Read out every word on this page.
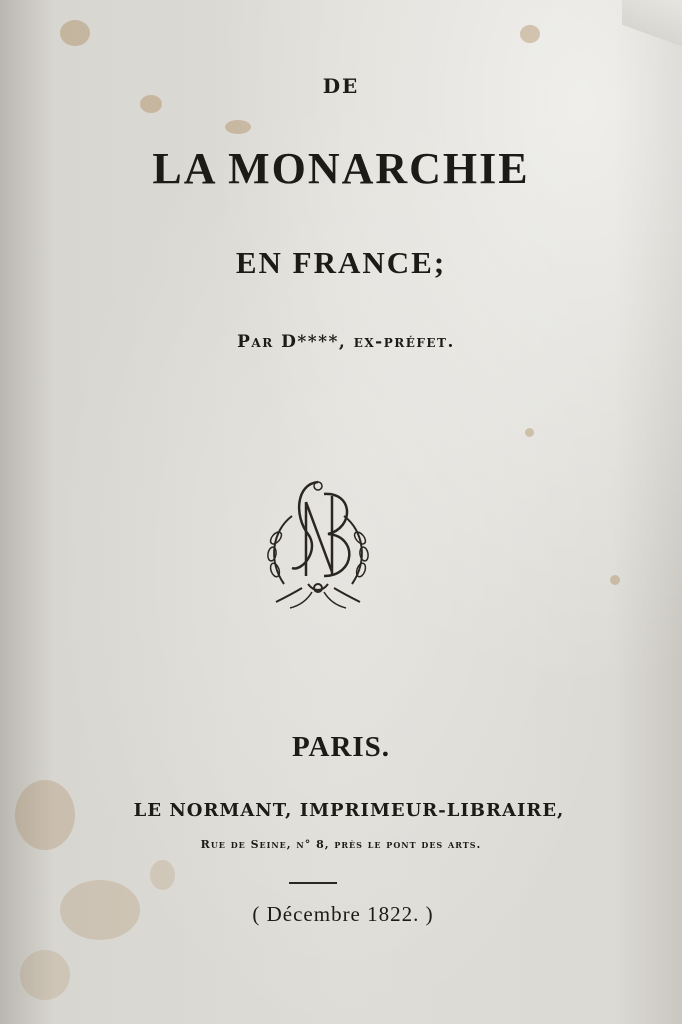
DE
LA MONARCHIE
EN FRANCE;
Par D****, ex-préfet.
PARIS.
LE NORMANT, IMPRIMEUR-LIBRAIRE,
Rue de Seine, n° 8, près le pont des arts.
( Décembre 1822. )
